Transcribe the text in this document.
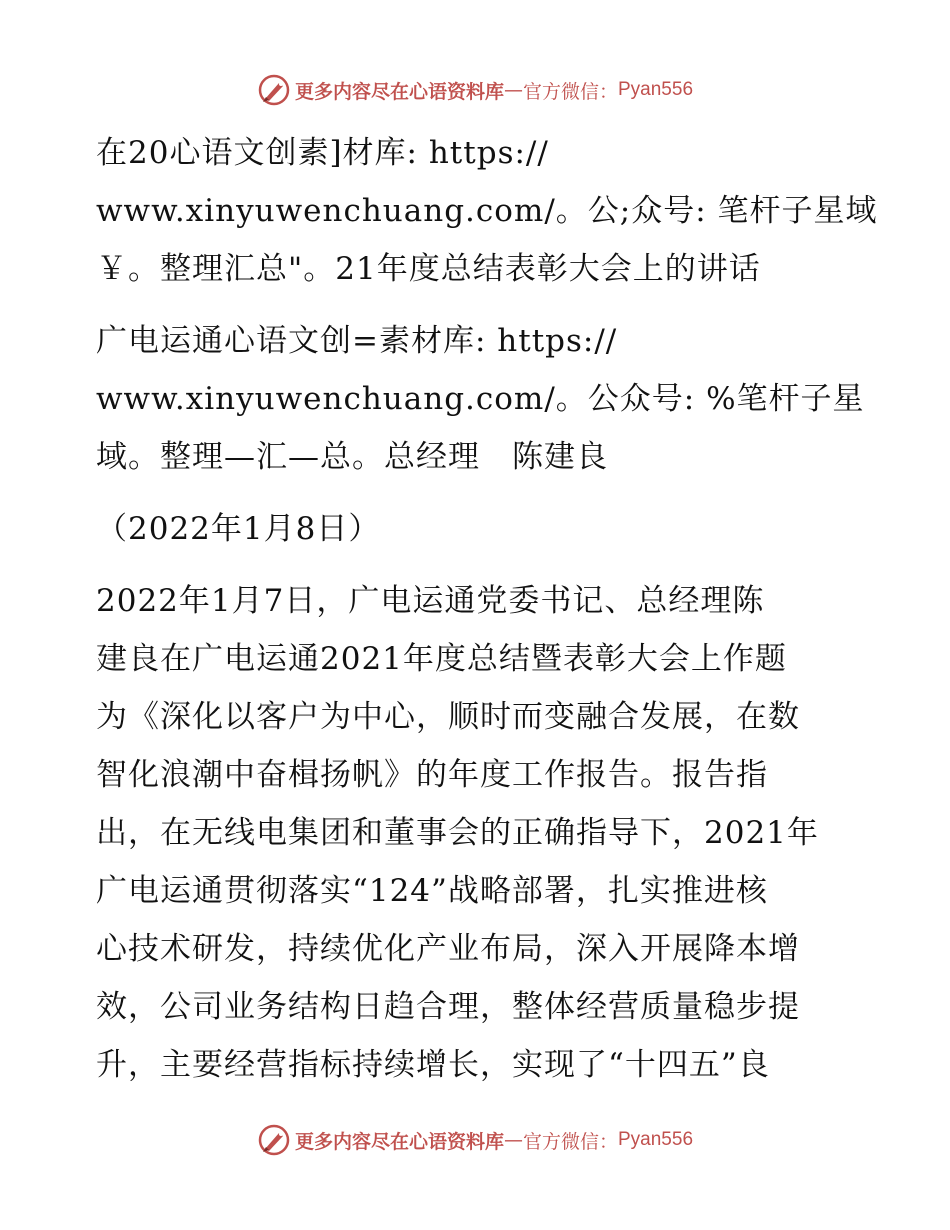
更多内容尽在心语资料库 — 官方微信： Pyan556
在20心语文创素]材库: https://
www.xinyuwenchuang.com/。公;众号: 笔杆子星域
￥。整理汇总"。21年度总结表彰大会上的讲话
广电运通心语文创=素材库: https://
www.xinyuwenchuang.com/。公众号: %笔杆子星
域。整理—汇—总。总经理　陈建良
（2022年1月8日）
2022年1月7日，广电运通党委书记、总经理陈
建良在广电运通2021年度总结暨表彰大会上作题
为《深化以客户为中心，顺时而变融合发展，在数
智化浪潮中奋楫扬帆》的年度工作报告。报告指
出，在无线电集团和董事会的正确指导下，2021年
广电运通贯彻落实“124”战略部署，扎实推进核
心技术研发，持续优化产业布局，深入开展降本增
效，公司业务结构日趋合理，整体经营质量稳步提
升，主要经营指标持续增长，实现了“十四五”良
更多内容尽在心语资料库 — 官方微信： Pyan556
